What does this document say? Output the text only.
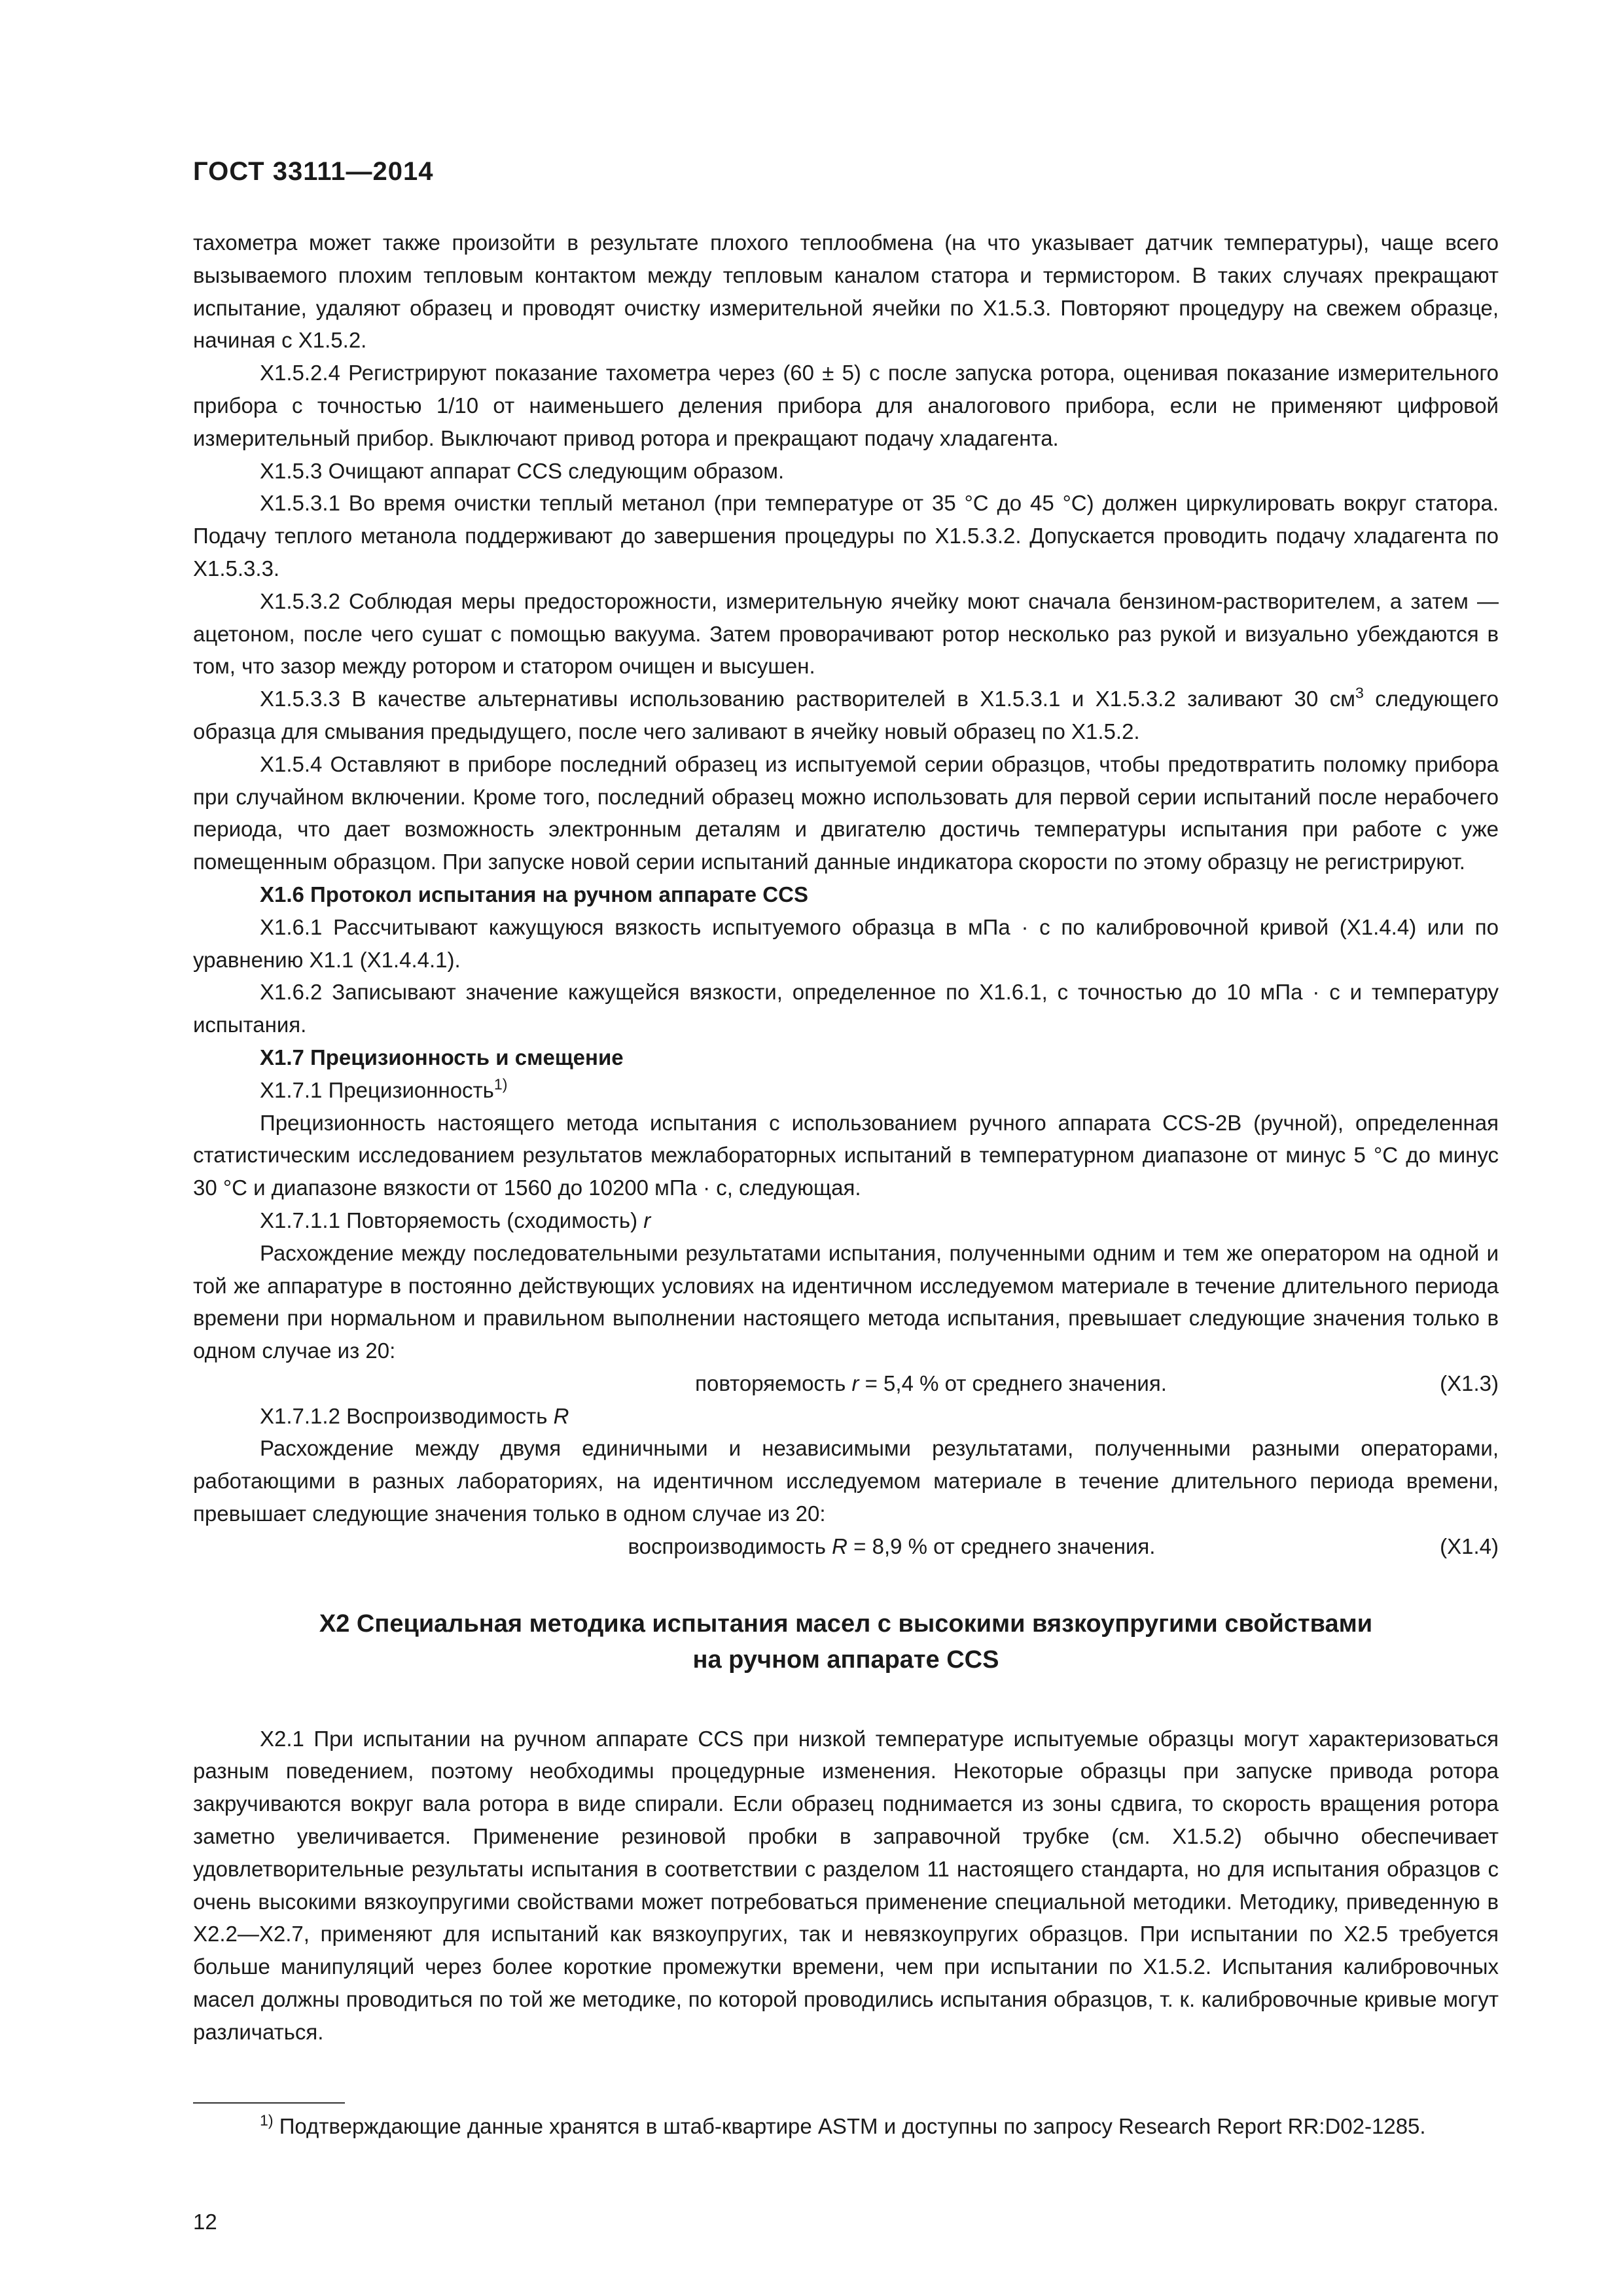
ГОСТ 33111—2014

тахометра может также произойти в результате плохого теплообмена (на что указывает датчик температуры), чаще всего вызываемого плохим тепловым контактом между тепловым каналом статора и термистором. В таких случаях прекращают испытание, удаляют образец и проводят очистку измерительной ячейки по Х1.5.3. Повторяют процедуру на свежем образце, начиная с Х1.5.2.

Х1.5.2.4 Регистрируют показание тахометра через (60 ± 5) с после запуска ротора, оценивая показание измерительного прибора с точностью 1/10 от наименьшего деления прибора для аналогового прибора, если не применяют цифровой измерительный прибор. Выключают привод ротора и прекращают подачу хладагента.

Х1.5.3 Очищают аппарат CCS следующим образом.

Х1.5.3.1 Во время очистки теплый метанол (при температуре от 35 °С до 45 °С) должен циркулировать вокруг статора. Подачу теплого метанола поддерживают до завершения процедуры по Х1.5.3.2. Допускается проводить подачу хладагента по Х1.5.3.3.

Х1.5.3.2 Соблюдая меры предосторожности, измерительную ячейку моют сначала бензином-растворителем, а затем — ацетоном, после чего сушат с помощью вакуума. Затем проворачивают ротор несколько раз рукой и визуально убеждаются в том, что зазор между ротором и статором очищен и высушен.

Х1.5.3.3 В качестве альтернативы использованию растворителей в Х1.5.3.1 и Х1.5.3.2 заливают 30 $см^3$ следующего образца для смывания предыдущего, после чего заливают в ячейку новый образец по Х1.5.2.

Х1.5.4 Оставляют в приборе последний образец из испытуемой серии образцов, чтобы предотвратить поломку прибора при случайном включении. Кроме того, последний образец можно использовать для первой серии испытаний после нерабочего периода, что дает возможность электронным деталям и двигателю достичь температуры испытания при работе с уже помещенным образцом. При запуске новой серии испытаний данные индикатора скорости по этому образцу не регистрируют.

Х1.6 Протокол испытания на ручном аппарате CCS

Х1.6.1 Рассчитывают кажущуюся вязкость испытуемого образца в мПа · с по калибровочной кривой (Х1.4.4) или по уравнению Х1.1 (Х1.4.4.1).

Х1.6.2 Записывают значение кажущейся вязкости, определенное по Х1.6.1, с точностью до 10 мПа · с и температуру испытания.

Х1.7 Прецизионность и смещение

Х1.7.1 Прецизионность$^{1)}$

Прецизионность настоящего метода испытания с использованием ручного аппарата CCS-2B (ручной), определенная статистическим исследованием результатов межлабораторных испытаний в температурном диапазоне от минус 5 °С до минус 30 °С и диапазоне вязкости от 1560 до 10200 мПа · с, следующая.

Х1.7.1.1 Повторяемость (сходимость) r

Расхождение между последовательными результатами испытания, полученными одним и тем же оператором на одной и той же аппаратуре в постоянно действующих условиях на идентичном исследуемом материале в течение длительного периода времени при нормальном и правильном выполнении настоящего метода испытания, превышает следующие значения только в одном случае из 20:

повторяемость r = 5,4 % от среднего значения.	(Х1.3)

Х1.7.1.2 Воспроизводимость R

Расхождение между двумя единичными и независимыми результатами, полученными разными операторами, работающими в разных лабораториях, на идентичном исследуемом материале в течение длительного периода времени, превышает следующие значения только в одном случае из 20:

воспроизводимость R = 8,9 % от среднего значения.	(Х1.4)

Х2 Специальная методика испытания масел с высокими вязкоупругими свойствами
на ручном аппарате CCS

Х2.1 При испытании на ручном аппарате CCS при низкой температуре испытуемые образцы могут характеризоваться разным поведением, поэтому необходимы процедурные изменения. Некоторые образцы при запуске привода ротора закручиваются вокруг вала ротора в виде спирали. Если образец поднимается из зоны сдвига, то скорость вращения ротора заметно увеличивается. Применение резиновой пробки в заправочной трубке (см. Х1.5.2) обычно обеспечивает удовлетворительные результаты испытания в соответствии с разделом 11 настоящего стандарта, но для испытания образцов с очень высокими вязкоупругими свойствами может потребоваться применение специальной методики. Методику, приведенную в Х2.2—Х2.7, применяют для испытаний как вязкоупругих, так и невязкоупругих образцов. При испытании по Х2.5 требуется больше манипуляций через более короткие промежутки времени, чем при испытании по Х1.5.2. Испытания калибровочных масел должны проводиться по той же методике, по которой проводились испытания образцов, т. к. калибровочные кривые могут различаться.

$^{1)}$ Подтверждающие данные хранятся в штаб-квартире ASTM и доступны по запросу Research Report RR:D02-1285.

12
